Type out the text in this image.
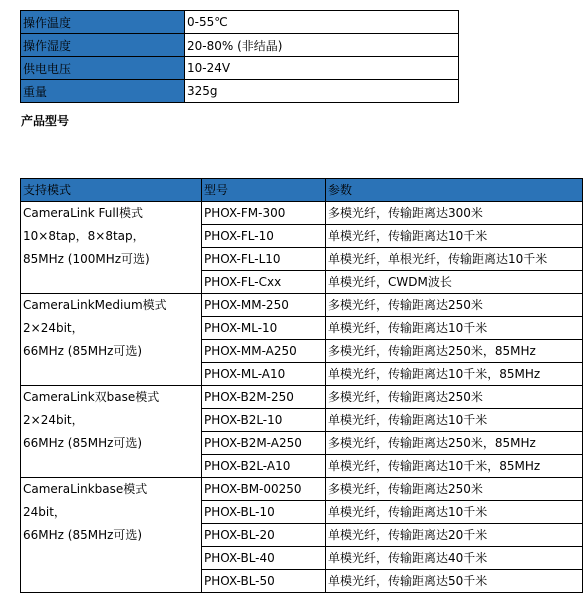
操作温度	0-55℃
操作湿度	20-80% (非结晶)
供电电压	10-24V
重量	325g
产品型号
支持模式	型号	参数

CameraLink Full模式
10×8tap，8×8tap，
85MHz (100MHz可选)	PHOX-FM-300	多模光纤，传输距离达300米
	PHOX-FL-10	单模光纤，传输距离达10千米
	PHOX-FL-L10	单模光纤，单根光纤，传输距离达10千米
	PHOX-FL-Cxx	单模光纤，CWDM波长

CameraLinkMedium模式
2×24bit，
66MHz (85MHz可选)	PHOX-MM-250	多模光纤，传输距离达250米
	PHOX-ML-10	单模光纤，传输距离达10千米
	PHOX-MM-A250	多模光纤，传输距离达250米，85MHz
	PHOX-ML-A10	单模光纤，传输距离达10千米，85MHz

CameraLink双base模式
2×24bit，
66MHz (85MHz可选)	PHOX-B2M-250	多模光纤，传输距离达250米
	PHOX-B2L-10	单模光纤，传输距离达10千米
	PHOX-B2M-A250	多模光纤，传输距离达250米，85MHz
	PHOX-B2L-A10	单模光纤，传输距离达10千米，85MHz

CameraLinkbase模式
24bit，
66MHz (85MHz可选)	PHOX-BM-00250	多模光纤，传输距离达250米
	PHOX-BL-10	单模光纤，传输距离达10千米
	PHOX-BL-20	单模光纤，传输距离达20千米
	PHOX-BL-40	单模光纤，传输距离达40千米
	PHOX-BL-50	单模光纤，传输距离达50千米
